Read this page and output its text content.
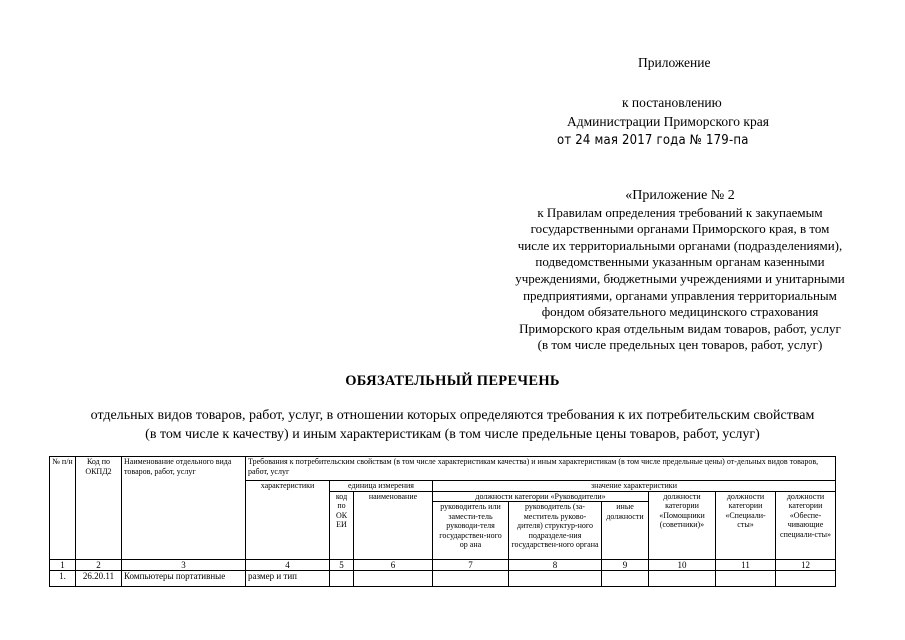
Приложение
к постановлению
Администрации Приморского края
от 24 мая 2017 года № 179-па
«Приложение № 2
к Правилам определения требований к закупаемым
государственными органами Приморского края, в том
числе их территориальными органами (подразделениями),
подведомственными указанным органам казенными
учреждениями, бюджетными учреждениями и унитарными
предприятиями, органами управления территориальным
фондом обязательного медицинского страхования
Приморского края отдельным видам товаров, работ, услуг
(в том числе предельных цен товаров, работ, услуг)
ОБЯЗАТЕЛЬНЫЙ ПЕРЕЧЕНЬ
отдельных видов товаров, работ, услуг, в отношении которых определяются требования к их потребительским свойствам
(в том числе к качеству) и иным характеристикам (в том числе предельные цены товаров, работ, услуг)
№ п/н	Код по ОКПД2	Наименование отдельного вида товаров, работ, услуг	Требования к потребительским свойствам (в том числе характеристикам качества) и иным характеристикам (в том числе предельные цены) от-дельных видов товаров, работ, услуг								
			характеристики	единица измерения		значение характеристики					
				код по ОК ЕИ	наименование	должности категории «Руководители»			должности категории «Помощники (советники)»	должности категории «Специали-сты»	должности категории «Обеспе-чивающие специали-сты»
						руководитель или замести-тель руководи-теля государствен-ного ор ана	руководитель (за-меститель руково-дителя) структур-ного подразделе-ния государствен-ного органа	иные должности			
1	2	3	4	5	6	7	8	9	10	11	12
1.	26.20.11	Компьютеры портативные	размер и тип								
